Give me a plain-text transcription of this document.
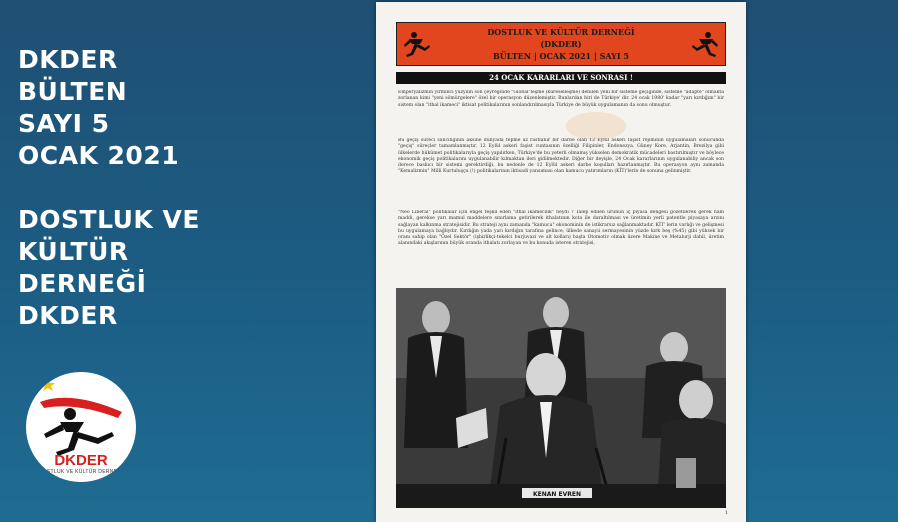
DKDER
BÜLTEN
SAYI 5
OCAK 2021
DOSTLUK VE
KÜLTÜR
DERNEĞİ
DKDER
DKDER
DOSTLUK VE KÜLTÜR DERNEĞİ
DOSTLUK VE KÜLTÜR DERNEĞİ
(DKDER)
BÜLTEN | OCAK 2021 | SAYI 5
24 OCAK KARARLARI VE SONRASI !

Emperyalizmin yirminci yüzyılın son çeyreğinde "Global"leşme (küreselleşme) denilen yeni bir sisteme geçiğinde, sisteme "adapte" olmakta zorlanan kimi "yeni sömürgelere" özel bir operasyon düzenlemiştir. Bunlardan biri de Türkiye' dir. 24 ocak 1980' kadar "yarı kırdığım" bir sistem olan "ithal ikameci" iktisat politikalarının sonlandırılmasıyla Türkiye de büyük uygulamanın da sonu olmuştur.

Bu geçiş süreci sancılığının aksine dünyada tepme az rastlanır bir darbe olan 12 Eylül askeri faşist rejiminin uygulamaları sonucunda "geçiş" süreçler tamamlanmıştır. 12 Eylül askeri faşist cuntasının özelliği Filipinler, Endonezya, Güney Kore, Arjantin, Brezilya gibi ülkelerde hükümet politikalarıyla geçiş yapılırken, Türkiye'de bu yeterli olmamış yükselen demokratik mücadeleri bastırılmıştır ve böylece ekonomik geçiş politikalarını uygulanabilir kılmaktan ileri gidilmektedir. Diğer bir deyişle, 24 Ocak kararlarının uygulanabiliy ancak son derece baskıcı bir sistemi gerektirdiği, bu nedenle de 12 Eylül askeri darbe koşulları hazırlanmıştır. Bu operasyon aynı zamanda "Kemalizmin" Milli Kurtuluşçu (!) politikalarının iktisadi yansıması olan kamucu yatırımların (KİT)'lerin de sonuna gelinmiştir.

"Neo Liberal" politikalar için engel teşkil eden "ithal ikamecilik" neydi ? Talep edilen ürünün iç piyasa dengesi gözetilerek gerek ham maddi, gerekse yarı mamul maddelere sınırlama getirilerek ithalatının kota ile daraltılması ve üretimin yerli patentle piyasaya arzını sağlayan kalkınma stratejisidir. Bu strateji aynı zamanda "kamucu" ekonominin de istikrarsız sağlanmaktadır. KİT' lerin varlığı ve gelişmesi bu uygulamaya bağlıydır. Kırdığın yada yarı kırdığın tarafına gelince, ülkede sanayii sermayesinin yüzde kırk beş (%45) gibi yüksek bir oranı sahip olan "Özel Sektör" (işbirlikçi-tekelci burjuvazi ve alt kolları) başta Otomotiv olmak üzere Makine ve Metalurji dahil, üretim alanındaki akışlarının büyük oranda ithalatı zorlayan ve bu konuda isteren stratejisi,

KENAN EVREN
1
